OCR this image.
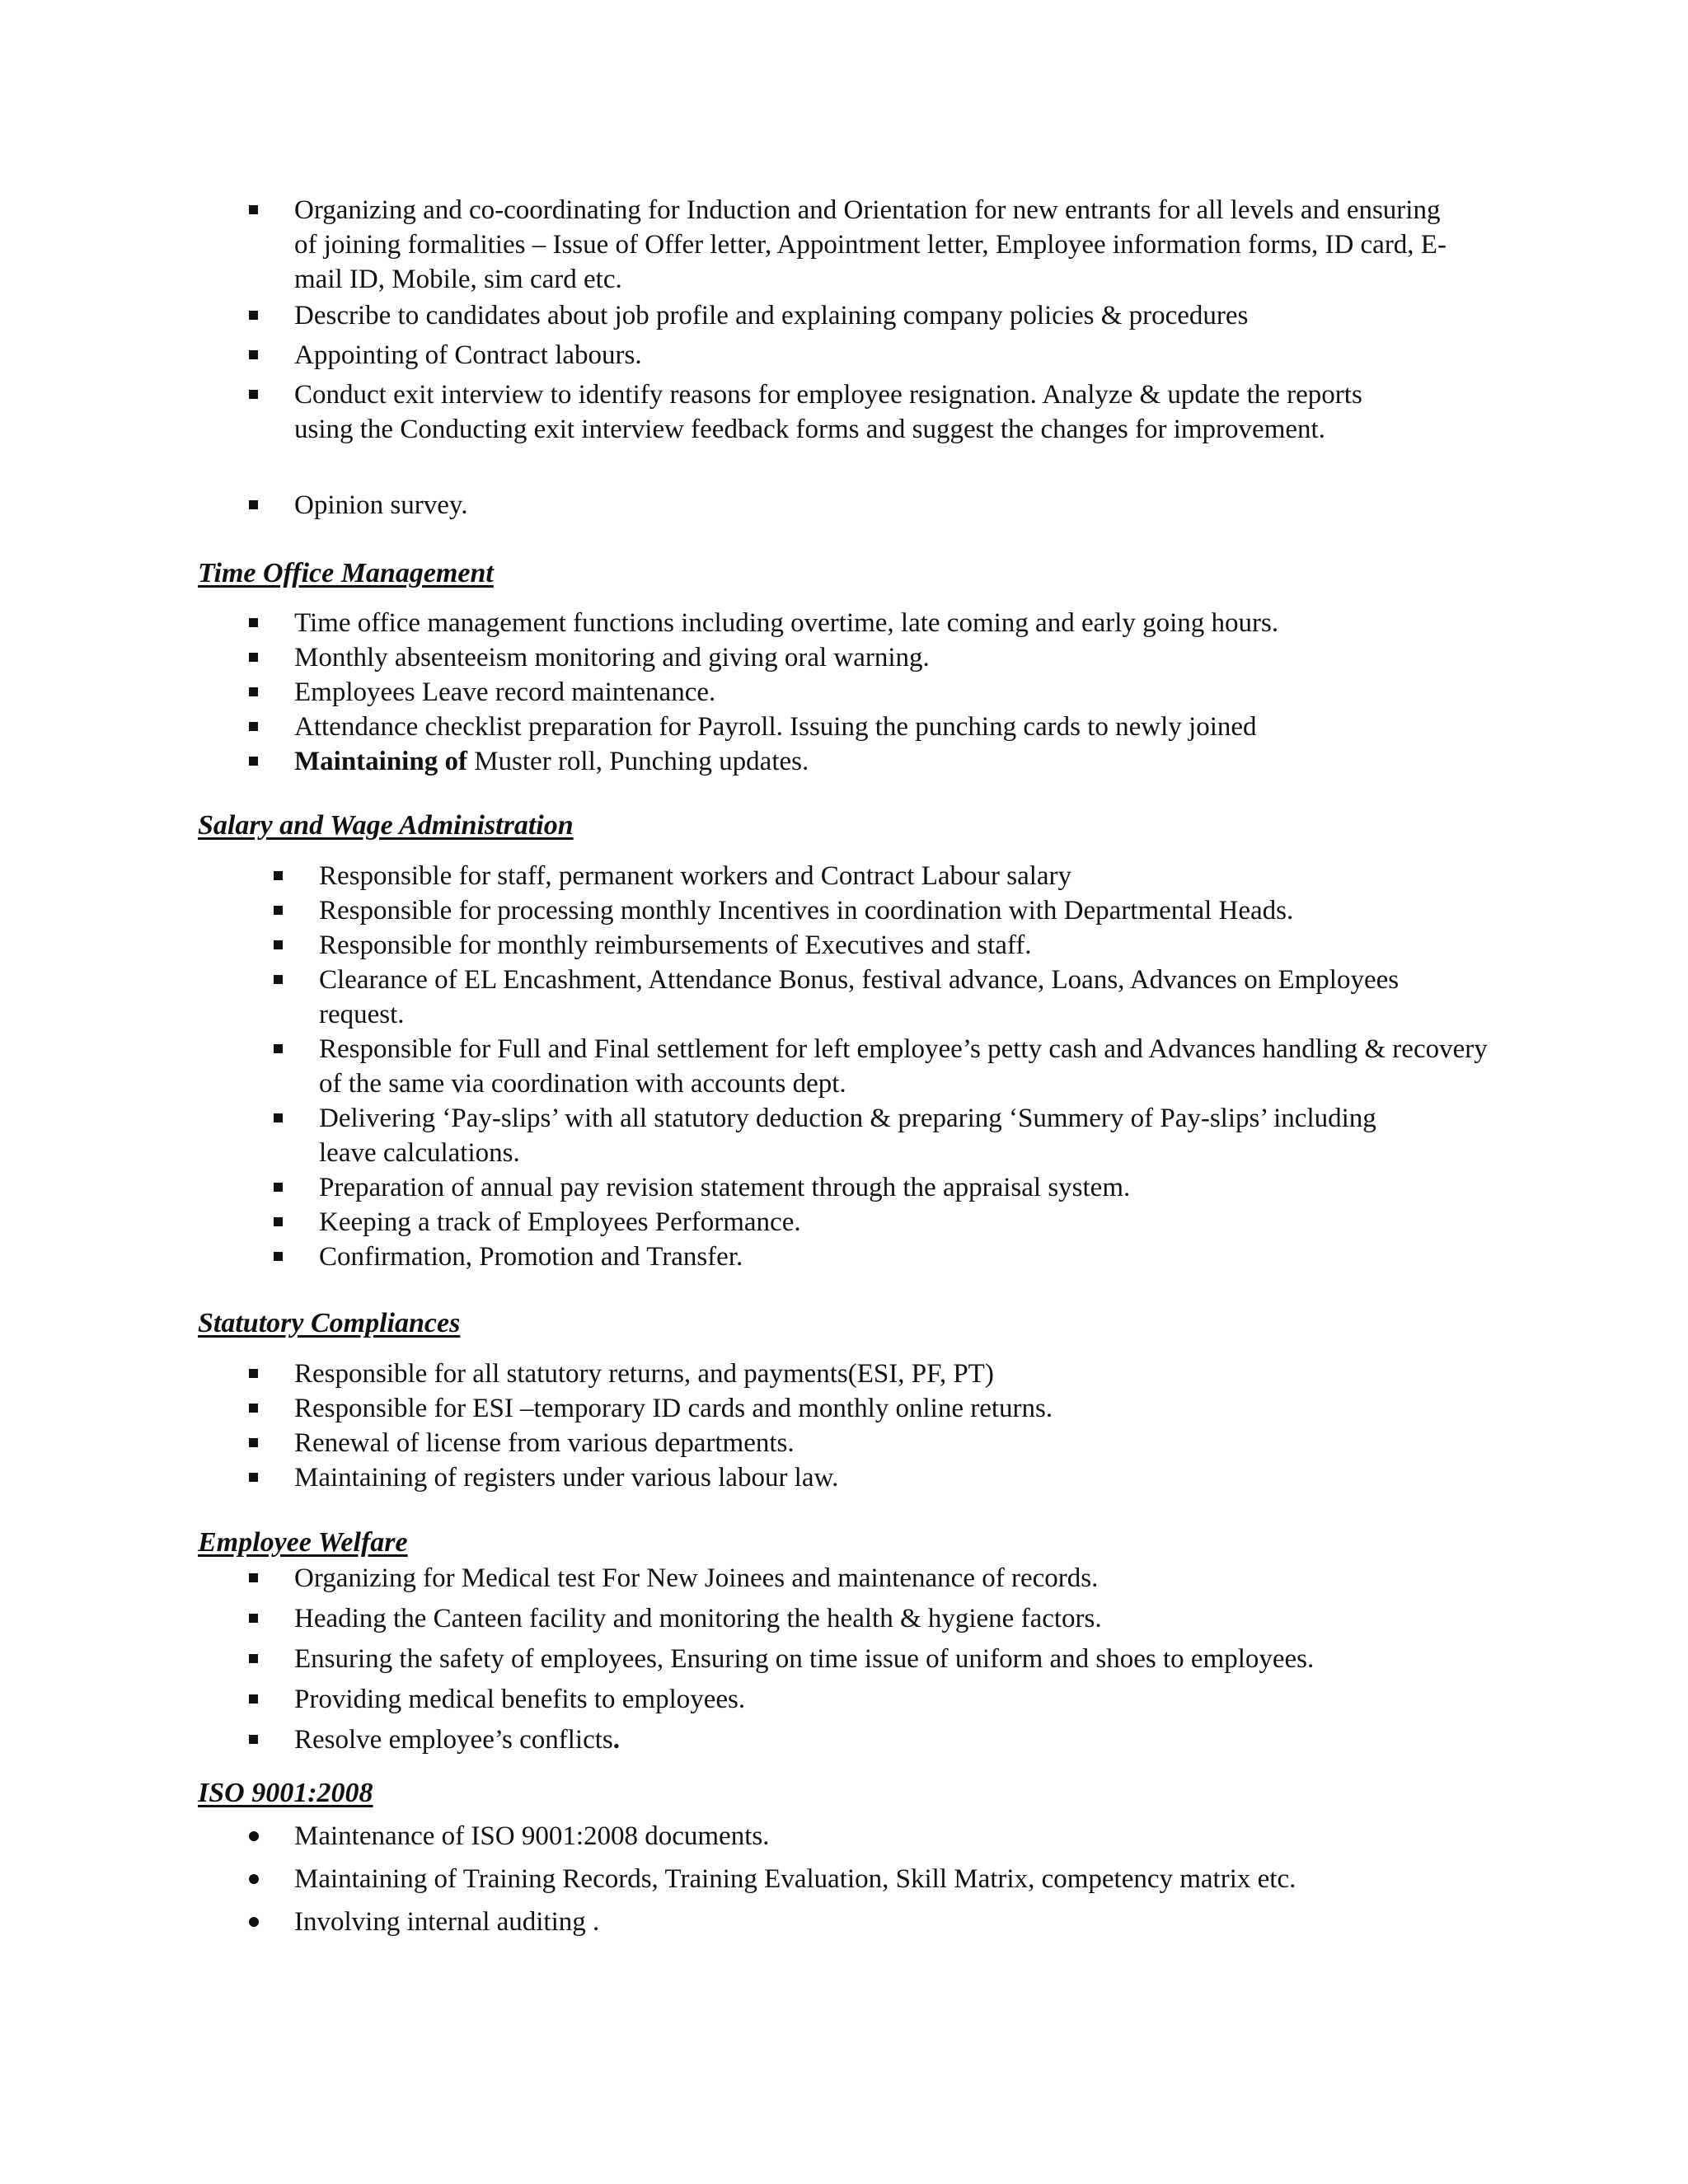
Organizing and co-coordinating for Induction and Orientation for new entrants for all levels and ensuring of joining formalities – Issue of Offer letter, Appointment letter, Employee information forms, ID card, E-mail ID, Mobile, sim card etc.
Describe to candidates about job profile and explaining company policies & procedures
Appointing of Contract labours.
Conduct exit interview to identify reasons for employee resignation. Analyze & update the reports using the Conducting exit interview feedback forms and suggest the changes for improvement.
Opinion survey.
Time Office Management
Time office management functions including overtime, late coming and early going hours.
Monthly absenteeism monitoring and giving oral warning.
Employees Leave record maintenance.
Attendance checklist preparation for Payroll. Issuing the punching cards to newly joined
Maintaining of Muster roll, Punching updates.
Salary and Wage Administration
Responsible for staff, permanent workers and Contract Labour salary
Responsible for processing monthly Incentives in coordination with Departmental Heads.
Responsible for monthly reimbursements of Executives and staff.
Clearance of EL Encashment, Attendance Bonus, festival advance, Loans, Advances on Employees request.
Responsible for Full and Final settlement for left employee’s petty cash and Advances handling & recovery of the same via coordination with accounts dept.
Delivering ‘Pay-slips’ with all statutory deduction & preparing ‘Summery of Pay-slips’ including leave calculations.
Preparation of annual pay revision statement through the appraisal system.
Keeping a track of Employees Performance.
Confirmation, Promotion and Transfer.
Statutory Compliances
Responsible for all statutory returns, and payments(ESI, PF, PT)
Responsible for ESI –temporary ID cards and monthly online returns.
Renewal of license from various departments.
Maintaining of registers under various labour law.
Employee Welfare
Organizing for Medical test For New Joinees and maintenance of records.
Heading the Canteen facility and monitoring the health & hygiene factors.
Ensuring the safety of employees, Ensuring on time issue of uniform and shoes to employees.
Providing medical benefits to employees.
Resolve employee’s conflicts.
ISO 9001:2008
Maintenance of ISO 9001:2008 documents.
Maintaining of Training Records, Training Evaluation, Skill Matrix, competency matrix etc.
Involving internal auditing .
